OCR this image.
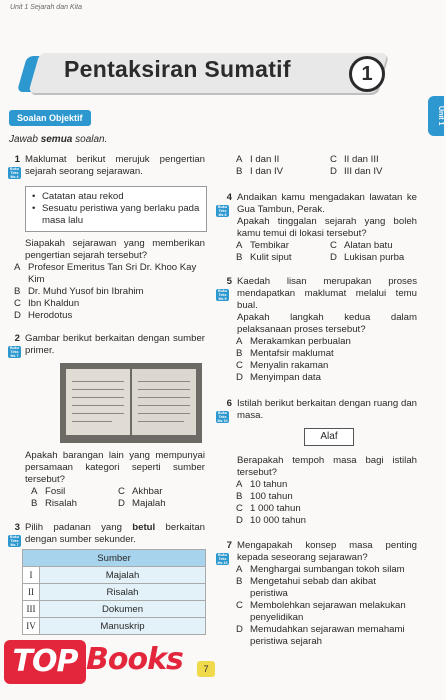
Unit 1 Sejarah dan Kita
Pentaksiran Sumatif	1
Unit 1
Soalan Objektif
Jawab semua soalan.
1
Buku
Teks
Ms 4
Maklumat berikut merujuk pengertian sejarah seorang sejarawan.
• Catatan atau rekod
• Sesuatu peristiwa yang berlaku pada masa lalu
Siapakah sejarawan yang memberikan pengertian sejarah tersebut?
A Profesor Emeritus Tan Sri Dr. Khoo Kay Kim
B Dr. Muhd Yusof bin Ibrahim
C Ibn Khaldun
D Herodotus
2
Buku
Teks
Ms 7
Gambar berikut berkaitan dengan sumber primer.
Apakah barangan lain yang mempunyai persamaan kategori seperti sumber tersebut?
A Fosil	C Akhbar
B Risalah	D Majalah
3
Buku
Teks
Ms 7
Pilih padanan yang betul berkaitan dengan sumber sekunder.
Sumber	
I	Majalah
II	Risalah
III	Dokumen
IV	Manuskrip
A I dan II	C II dan III
B I dan IV	D III dan IV
4
Buku
Teks
Ms 8
Andaikan kamu mengadakan lawatan ke Gua Tambun, Perak.
Apakah tinggalan sejarah yang boleh kamu temui di lokasi tersebut?
A Tembikar	C Alatan batu
B Kulit siput	D Lukisan purba
5
Buku
Teks
Ms 9
Kaedah lisan merupakan proses mendapatkan maklumat melalui temu bual.
Apakah langkah kedua dalam pelaksanaan proses tersebut?
A Merakamkan perbualan
B Mentafsir maklumat
C Menyalin rakaman
D Menyimpan data
6
Buku
Teks
Ms 10
Istilah berikut berkaitan dengan ruang dan masa.
Alaf
Berapakah tempoh masa bagi istilah tersebut?
A 10 tahun
B 100 tahun
C 1 000 tahun
D 10 000 tahun
7
Buku
Teks
Ms 10
Mengapakah konsep masa penting kepada seseorang sejarawan?
A Menghargai sumbangan tokoh silam
B Mengetahui sebab dan akibat peristiwa
C Membolehkan sejarawan melakukan penyelidikan
D Memudahkan sejarawan memahami peristiwa sejarah
7
TOP Books
